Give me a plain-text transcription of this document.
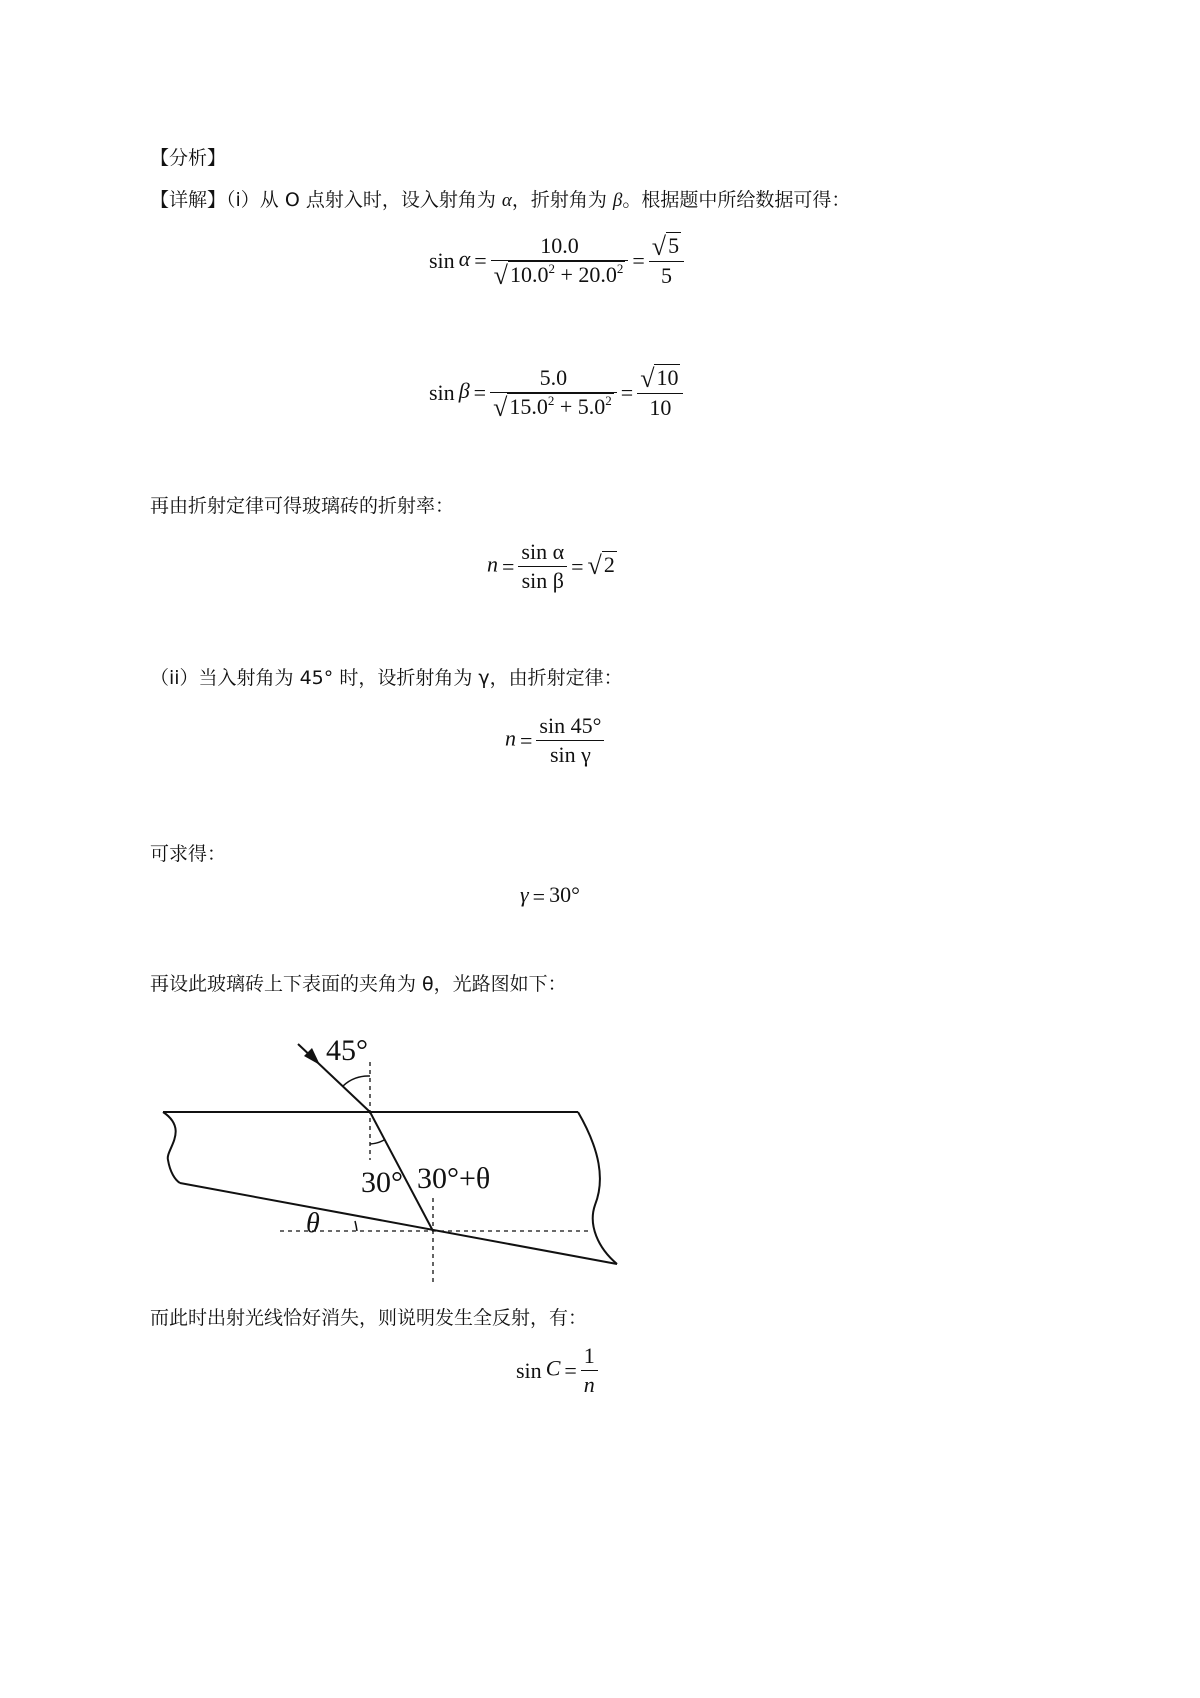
【分析】
【详解】（i）从 O 点射入时，设入射角为 α，折射角为 β。根据题中所给数据可得：
$\sin \alpha = \frac{10.0}{√10.0^2 + 20.0^2} = \frac{√5}{5}$
$\sin \beta = \frac{5.0}{√15.0^2 + 5.0^2} = \frac{√10}{10}$
再由折射定律可得玻璃砖的折射率：
$n = \frac{\text{sin α}}{\text{sin β}} = √2$
（ii）当入射角为 45° 时，设折射角为 γ，由折射定律：
$n = \frac{\sin 45^\circ}{\text{sin γ}}$
可求得：
γ = 30°
再设此玻璃砖上下表面的夹角为 θ，光路图如下：
45°
30° 30°+θ
θ
而此时出射光线恰好消失，则说明发生全反射，有：
$\sin C = \frac{1}{n}$
